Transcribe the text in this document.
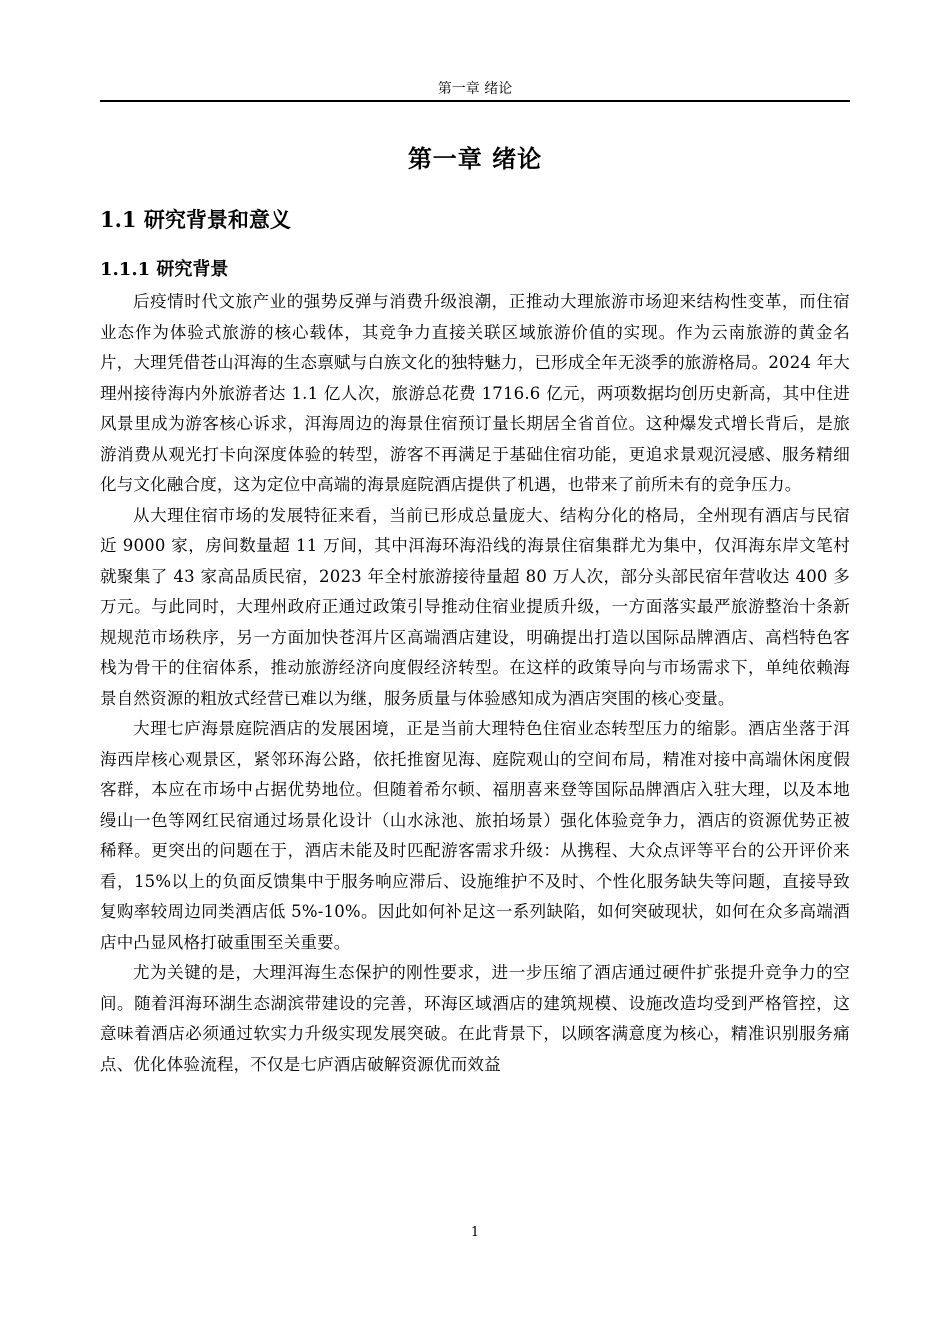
第一章 绪论
第一章 绪论
1.1 研究背景和意义
1.1.1 研究背景

后疫情时代文旅产业的强势反弹与消费升级浪潮，正推动大理旅游市场迎来结构性变革，而住宿业态作为体验式旅游的核心载体，其竞争力直接关联区域旅游价值的实现。作为云南旅游的黄金名片，大理凭借苍山洱海的生态禀赋与白族文化的独特魅力，已形成全年无淡季的旅游格局。2024 年大理州接待海内外旅游者达 1.1 亿人次，旅游总花费 1716.6 亿元，两项数据均创历史新高，其中住进风景里成为游客核心诉求，洱海周边的海景住宿预订量长期居全省首位。这种爆发式增长背后，是旅游消费从观光打卡向深度体验的转型，游客不再满足于基础住宿功能，更追求景观沉浸感、服务精细化与文化融合度，这为定位中高端的海景庭院酒店提供了机遇，也带来了前所未有的竞争压力。

从大理住宿市场的发展特征来看，当前已形成总量庞大、结构分化的格局，全州现有酒店与民宿近 9000 家，房间数量超 11 万间，其中洱海环海沿线的海景住宿集群尤为集中，仅洱海东岸文笔村就聚集了 43 家高品质民宿，2023 年全村旅游接待量超 80 万人次，部分头部民宿年营收达 400 多万元。与此同时，大理州政府正通过政策引导推动住宿业提质升级，一方面落实最严旅游整治十条新规规范市场秩序，另一方面加快苍洱片区高端酒店建设，明确提出打造以国际品牌酒店、高档特色客栈为骨干的住宿体系，推动旅游经济向度假经济转型。在这样的政策导向与市场需求下，单纯依赖海景自然资源的粗放式经营已难以为继，服务质量与体验感知成为酒店突围的核心变量。

大理七庐海景庭院酒店的发展困境，正是当前大理特色住宿业态转型压力的缩影。酒店坐落于洱海西岸核心观景区，紧邻环海公路，依托推窗见海、庭院观山的空间布局，精准对接中高端休闲度假客群，本应在市场中占据优势地位。但随着希尔顿、福朋喜来登等国际品牌酒店入驻大理，以及本地缦山一色等网红民宿通过场景化设计（山水泳池、旅拍场景）强化体验竞争力，酒店的资源优势正被稀释。更突出的问题在于，酒店未能及时匹配游客需求升级：从携程、大众点评等平台的公开评价来看，15%以上的负面反馈集中于服务响应滞后、设施维护不及时、个性化服务缺失等问题，直接导致复购率较周边同类酒店低 5%-10%。因此如何补足这一系列缺陷，如何突破现状，如何在众多高端酒店中凸显风格打破重围至关重要。

尤为关键的是，大理洱海生态保护的刚性要求，进一步压缩了酒店通过硬件扩张提升竞争力的空间。随着洱海环湖生态湖滨带建设的完善，环海区域酒店的建筑规模、设施改造均受到严格管控，这意味着酒店必须通过软实力升级实现发展突破。在此背景下，以顾客满意度为核心，精准识别服务痛点、优化体验流程，不仅是七庐酒店破解资源优而效益

1
